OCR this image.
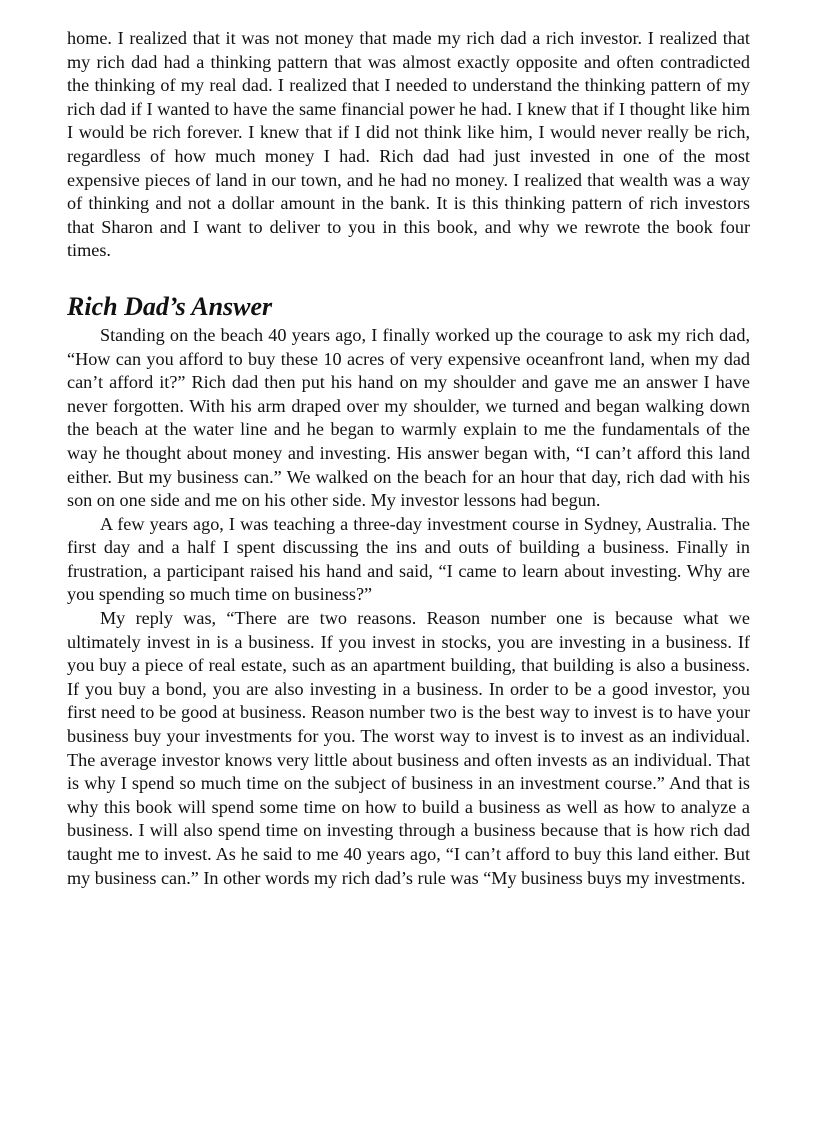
home. I realized that it was not money that made my rich dad a rich investor. I realized that my rich dad had a thinking pattern that was almost exactly opposite and often contradicted the thinking of my real dad. I realized that I needed to understand the thinking pattern of my rich dad if I wanted to have the same financial power he had. I knew that if I thought like him I would be rich forever. I knew that if I did not think like him, I would never really be rich, regardless of how much money I had. Rich dad had just invested in one of the most expensive pieces of land in our town, and he had no money. I realized that wealth was a way of thinking and not a dollar amount in the bank. It is this thinking pattern of rich investors that Sharon and I want to deliver to you in this book, and why we rewrote the book four times.

Rich Dad’s Answer

Standing on the beach 40 years ago, I finally worked up the courage to ask my rich dad, “How can you afford to buy these 10 acres of very expensive oceanfront land, when my dad can’t afford it?” Rich dad then put his hand on my shoulder and gave me an answer I have never forgotten. With his arm draped over my shoulder, we turned and began walking down the beach at the water line and he began to warmly explain to me the fundamentals of the way he thought about money and investing. His answer began with, “I can’t afford this land either. But my business can.” We walked on the beach for an hour that day, rich dad with his son on one side and me on his other side. My investor lessons had begun.

A few years ago, I was teaching a three-day investment course in Sydney, Australia. The first day and a half I spent discussing the ins and outs of building a business. Finally in frustration, a participant raised his hand and said, “I came to learn about investing. Why are you spending so much time on business?”

My reply was, “There are two reasons. Reason number one is because what we ultimately invest in is a business. If you invest in stocks, you are investing in a business. If you buy a piece of real estate, such as an apartment building, that building is also a business. If you buy a bond, you are also investing in a business. In order to be a good investor, you first need to be good at business. Reason number two is the best way to invest is to have your business buy your investments for you. The worst way to invest is to invest as an individual. The average investor knows very little about business and often invests as an individual. That is why I spend so much time on the subject of business in an investment course.” And that is why this book will spend some time on how to build a business as well as how to analyze a business. I will also spend time on investing through a business because that is how rich dad taught me to invest. As he said to me 40 years ago, “I can’t afford to buy this land either. But my business can.” In other words my rich dad’s rule was “My business buys my investments.
